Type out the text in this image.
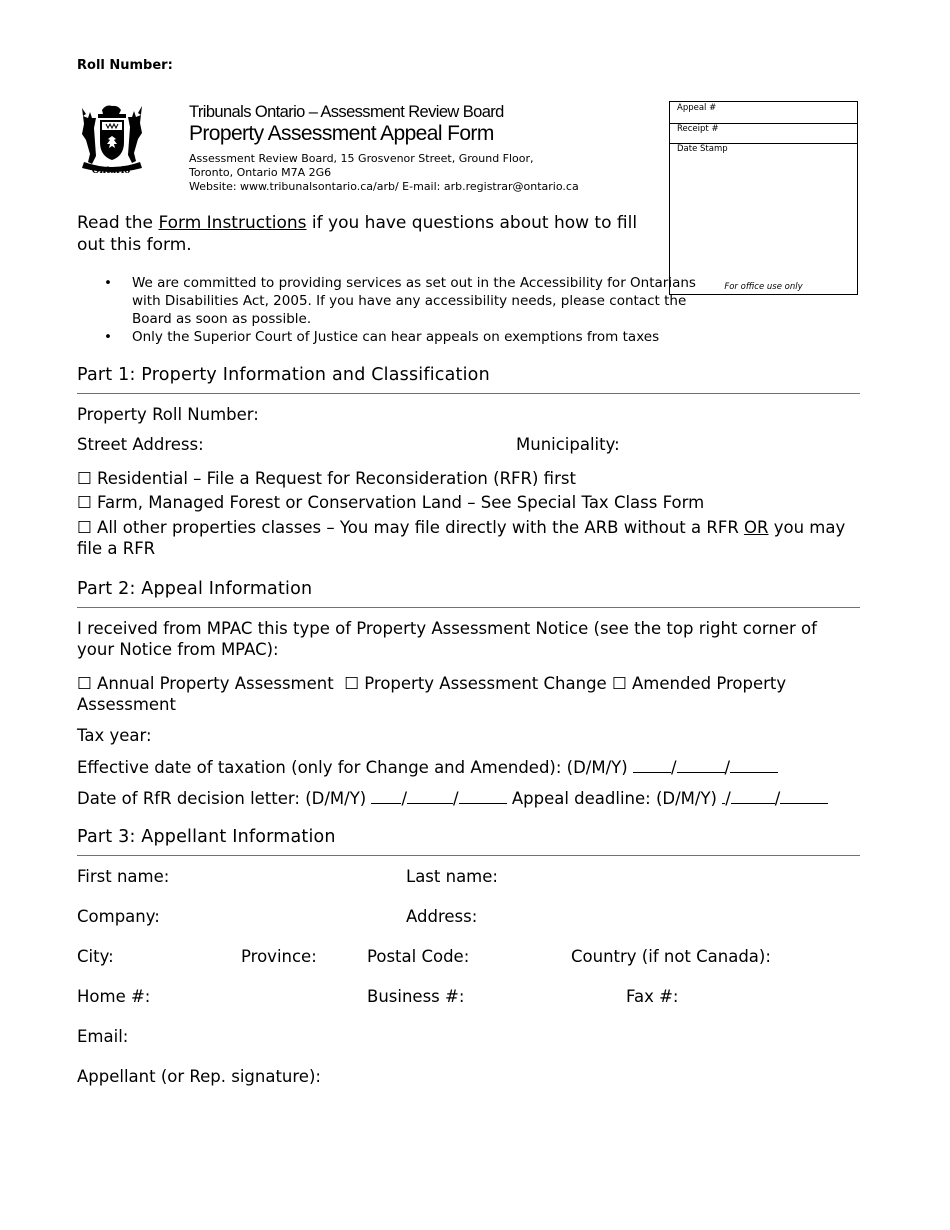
Roll Number:
Ontario
Tribunals Ontario – Assessment Review Board
Property Assessment Appeal Form
Assessment Review Board, 15 Grosvenor Street, Ground Floor,
Toronto, Ontario M7A 2G6
Website: www.tribunalsontario.ca/arb/ E-mail: arb.registrar@ontario.ca
Appeal #
Receipt #
Date Stamp
For office use only
Read the Form Instructions if you have questions about how to fill out this form.
• We are committed to providing services as set out in the Accessibility for Ontarians with Disabilities Act, 2005. If you have any accessibility needs, please contact the Board as soon as possible.
• Only the Superior Court of Justice can hear appeals on exemptions from taxes
Part 1: Property Information and Classification
Property Roll Number:
Street Address:	Municipality:
☐ Residential – File a Request for Reconsideration (RFR) first
☐ Farm, Managed Forest or Conservation Land – See Special Tax Class Form
☐ All other properties classes – You may file directly with the ARB without a RFR OR you may file a RFR
Part 2: Appeal Information
I received from MPAC this type of Property Assessment Notice (see the top right corner of your Notice from MPAC):
☐ Annual Property Assessment ☐ Property Assessment Change ☐ Amended Property Assessment
Tax year:
Effective date of taxation (only for Change and Amended): (D/M/Y)	/	/
Date of RfR decision letter: (D/M/Y) /	/	Appeal deadline: (D/M/Y) /	/
Part 3: Appellant Information
First name:	Last name:
Company:	Address:
City:	Province:	Postal Code:	Country (if not Canada):
Home #:	Business #:	Fax #:
Email:
Appellant (or Rep. signature):
